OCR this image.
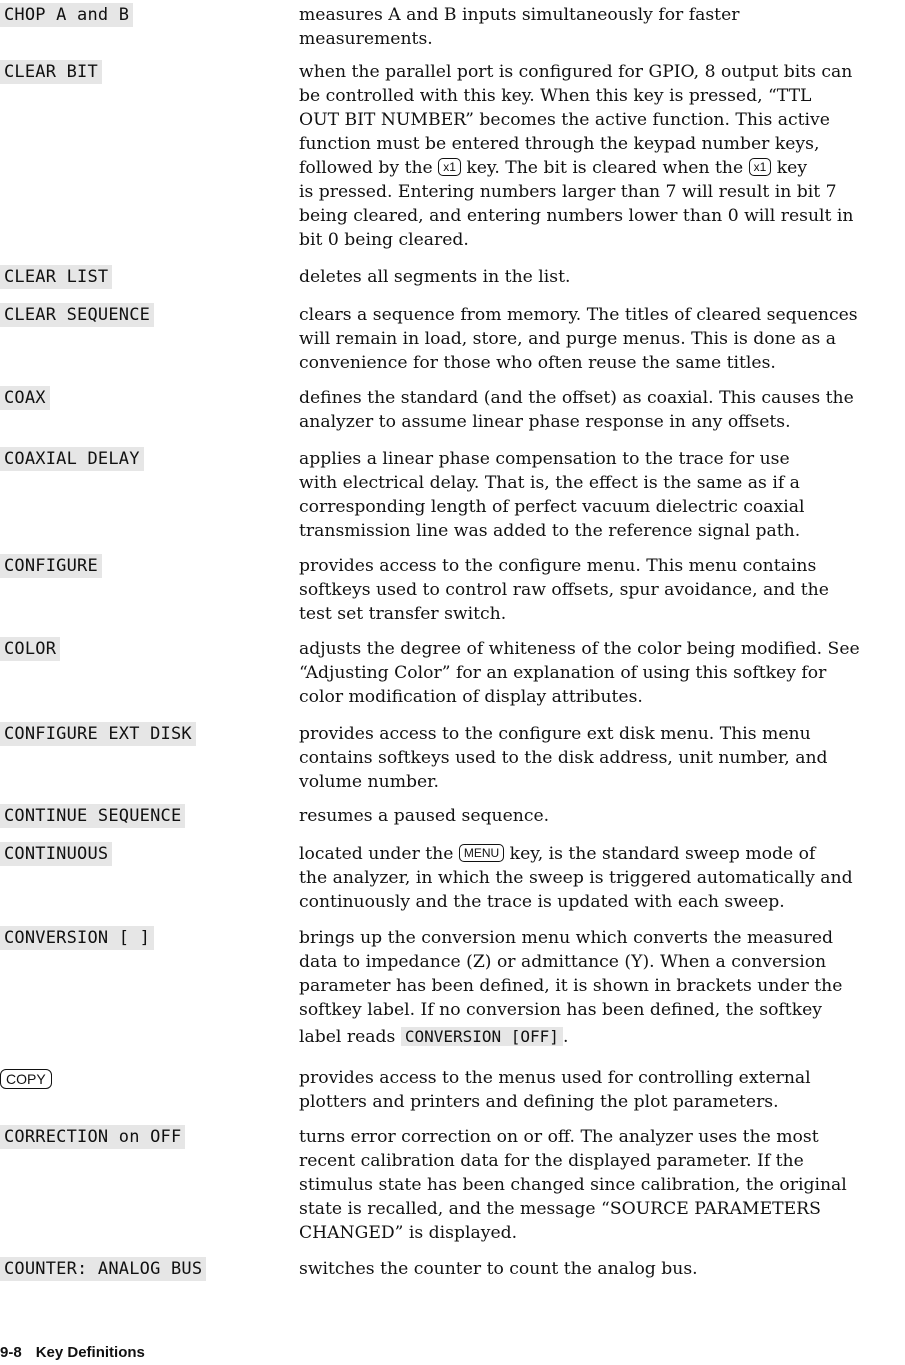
CHOP A and B	measures A and B inputs simultaneously for faster
measurements.
CLEAR BIT	when the parallel port is configured for GPIO, 8 output bits can
be controlled with this key. When this key is pressed, “TTL
OUT BIT NUMBER” becomes the active function. This active
function must be entered through the keypad number keys,
followed by the x1 key. The bit is cleared when the x1 key
is pressed. Entering numbers larger than 7 will result in bit 7
being cleared, and entering numbers lower than 0 will result in
bit 0 being cleared.
CLEAR LIST	deletes all segments in the list.
CLEAR SEQUENCE	clears a sequence from memory. The titles of cleared sequences
will remain in load, store, and purge menus. This is done as a
convenience for those who often reuse the same titles.
COAX	defines the standard (and the offset) as coaxial. This causes the
analyzer to assume linear phase response in any offsets.
COAXIAL DELAY	applies a linear phase compensation to the trace for use
with electrical delay. That is, the effect is the same as if a
corresponding length of perfect vacuum dielectric coaxial
transmission line was added to the reference signal path.
CONFIGURE	provides access to the configure menu. This menu contains
softkeys used to control raw offsets, spur avoidance, and the
test set transfer switch.
COLOR	adjusts the degree of whiteness of the color being modified. See
“Adjusting Color” for an explanation of using this softkey for
color modification of display attributes.
CONFIGURE EXT DISK	provides access to the configure ext disk menu. This menu
contains softkeys used to the disk address, unit number, and
volume number.
CONTINUE SEQUENCE	resumes a paused sequence.
CONTINUOUS	located under the MENU key, is the standard sweep mode of
the analyzer, in which the sweep is triggered automatically and
continuously and the trace is updated with each sweep.
CONVERSION [ ]	brings up the conversion menu which converts the measured
data to impedance (Z) or admittance (Y). When a conversion
parameter has been defined, it is shown in brackets under the
softkey label. If no conversion has been defined, the softkey
label reads CONVERSION [OFF] .
COPY	provides access to the menus used for controlling external
plotters and printers and defining the plot parameters.
CORRECTION on OFF	turns error correction on or off. The analyzer uses the most
recent calibration data for the displayed parameter. If the
stimulus state has been changed since calibration, the original
state is recalled, and the message “SOURCE PARAMETERS
CHANGED” is displayed.
COUNTER: ANALOG BUS	switches the counter to count the analog bus.
9-8 Key Definitions
